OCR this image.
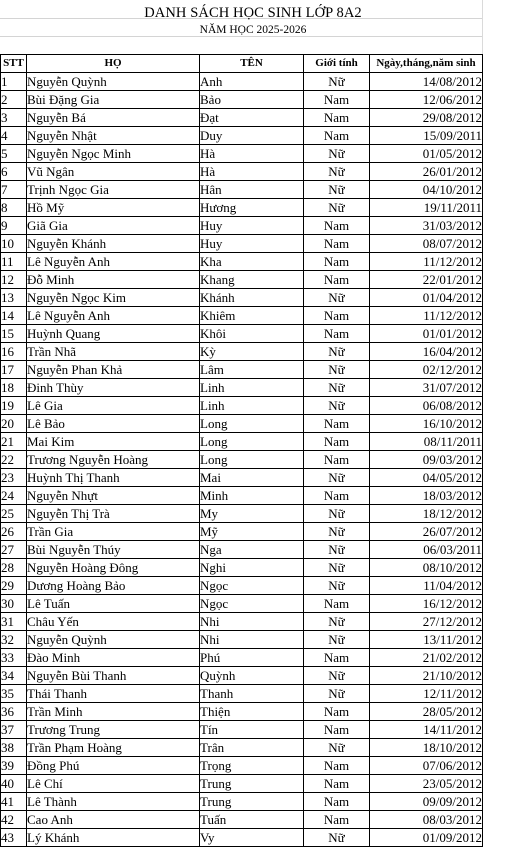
DANH SÁCH HỌC SINH LỚP 8A2
NĂM HỌC 2025-2026
STT	HỌ	TÊN	Giới tính	Ngày,tháng,năm sinh
1	Nguyễn Quỳnh	Anh	Nữ	14/08/2012
2	Bùi Đặng Gia	Bảo	Nam	12/06/2012
3	Nguyễn Bá	Đạt	Nam	29/08/2012
4	Nguyễn Nhật	Duy	Nam	15/09/2011
5	Nguyễn Ngọc Minh	Hà	Nữ	01/05/2012
6	Vũ Ngân	Hà	Nữ	26/01/2012
7	Trịnh Ngọc Gia	Hân	Nữ	04/10/2012
8	Hồ Mỹ	Hương	Nữ	19/11/2011
9	Giã Gia	Huy	Nam	31/03/2012
10	Nguyễn Khánh	Huy	Nam	08/07/2012
11	Lê Nguyễn Anh	Kha	Nam	11/12/2012
12	Đỗ Minh	Khang	Nam	22/01/2012
13	Nguyễn Ngọc Kim	Khánh	Nữ	01/04/2012
14	Lê Nguyễn Anh	Khiêm	Nam	11/12/2012
15	Huỳnh Quang	Khôi	Nam	01/01/2012
16	Trần Nhã	Kỳ	Nữ	16/04/2012
17	Nguyễn Phan Khả	Lâm	Nữ	02/12/2012
18	Đinh Thùy	Linh	Nữ	31/07/2012
19	Lê Gia	Linh	Nữ	06/08/2012
20	Lê Bảo	Long	Nam	16/10/2012
21	Mai Kim	Long	Nam	08/11/2011
22	Trương Nguyễn Hoàng	Long	Nam	09/03/2012
23	Huỳnh Thị Thanh	Mai	Nữ	04/05/2012
24	Nguyễn Nhựt	Minh	Nam	18/03/2012
25	Nguyễn Thị Trà	My	Nữ	18/12/2012
26	Trần Gia	Mỹ	Nữ	26/07/2012
27	Bùi Nguyễn Thúy	Nga	Nữ	06/03/2011
28	Nguyễn Hoàng Đông	Nghi	Nữ	08/10/2012
29	Dương Hoàng Bảo	Ngọc	Nữ	11/04/2012
30	Lê Tuấn	Ngọc	Nam	16/12/2012
31	Châu Yến	Nhi	Nữ	27/12/2012
32	Nguyễn Quỳnh	Nhi	Nữ	13/11/2012
33	Đào Minh	Phú	Nam	21/02/2012
34	Nguyễn Bùi Thanh	Quỳnh	Nữ	21/10/2012
35	Thái Thanh	Thanh	Nữ	12/11/2012
36	Trần Minh	Thiện	Nam	28/05/2012
37	Trương Trung	Tín	Nam	14/11/2012
38	Trần Phạm Hoàng	Trân	Nữ	18/10/2012
39	Đồng Phú	Trọng	Nam	07/06/2012
40	Lê Chí	Trung	Nam	23/05/2012
41	Lê Thành	Trung	Nam	09/09/2012
42	Cao Anh	Tuấn	Nam	08/03/2012
43	Lý Khánh	Vy	Nữ	01/09/2012
